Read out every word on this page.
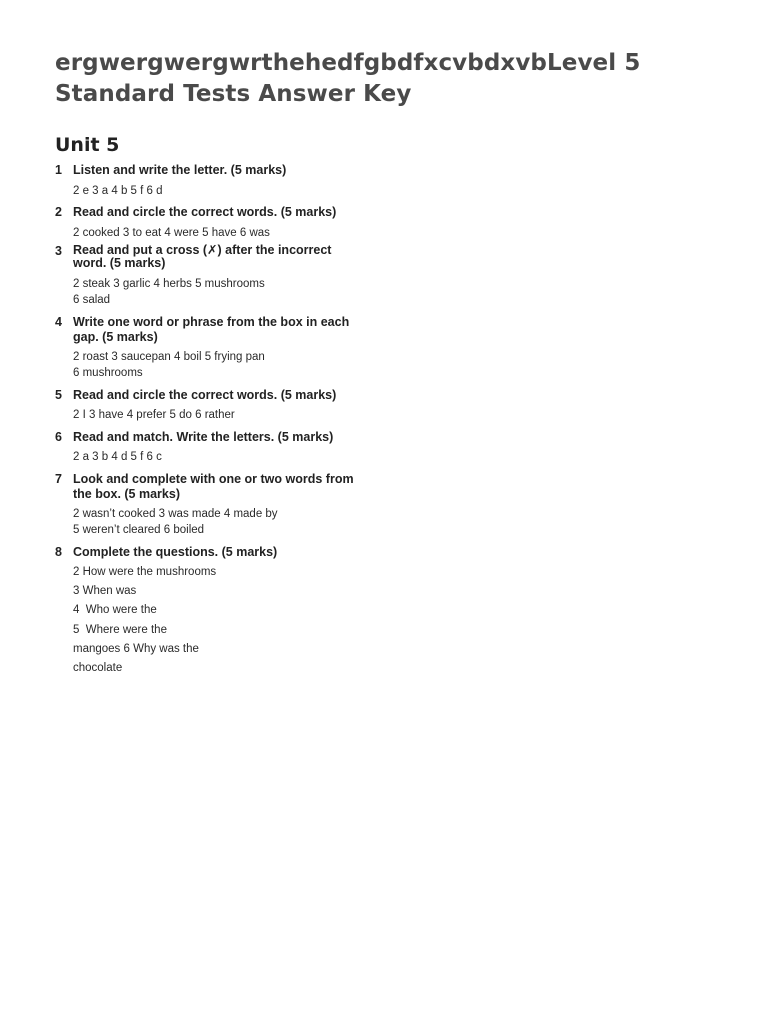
ergwergwergwrthehedfgbdfxcvbdxvbLevel 5
Standard Tests Answer Key
Unit 5
1 Listen and write the letter. (5 marks)
2 e 3 a 4 b 5 f 6 d
2 Read and circle the correct words. (5 marks)
2 cooked 3 to eat 4 were 5 have 6 was
3 Read and put a cross (✗) after the incorrect word. (5 marks)
2 steak 3 garlic 4 herbs 5 mushrooms
6 salad
4 Write one word or phrase from the box in each gap. (5 marks)
2 roast 3 saucepan 4 boil 5 frying pan
6 mushrooms
5 Read and circle the correct words. (5 marks)
2 I 3 have 4 prefer 5 do 6 rather
6 Read and match. Write the letters. (5 marks)
2 a 3 b 4 d 5 f 6 c
7 Look and complete with one or two words from the box. (5 marks)
2 wasn’t cooked 3 was made 4 made by
5 weren’t cleared 6 boiled
8 Complete the questions. (5 marks)
2 How were the mushrooms
3 When was
4  Who were the
5  Where were the
mangoes 6 Why was the
chocolate
